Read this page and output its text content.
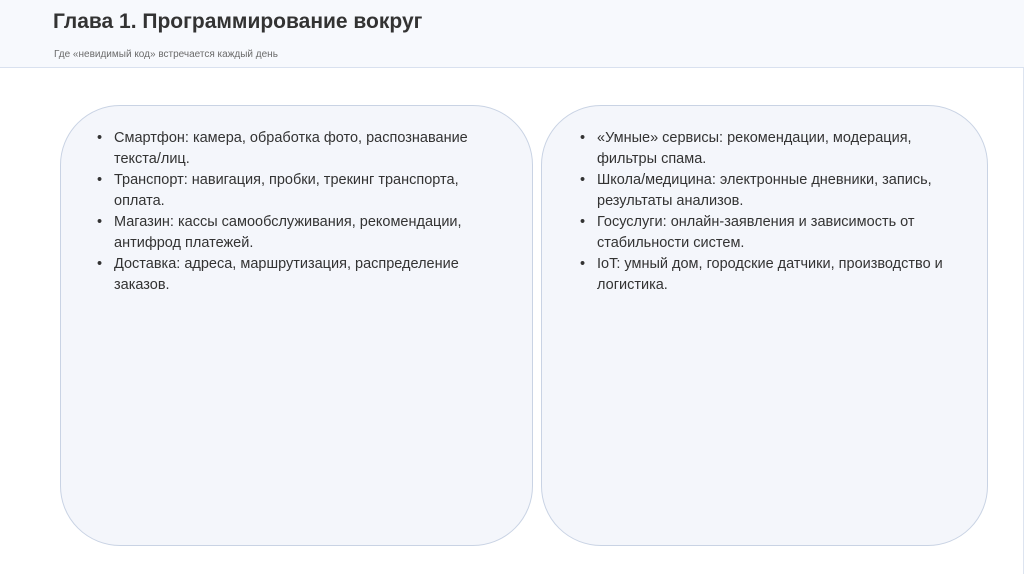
Глава 1. Программирование вокруг
Где «невидимый код» встречается каждый день
• Смартфон: камера, обработка фото, распознавание текста/лиц.
• Транспорт: навигация, пробки, трекинг транспорта, оплата.
• Магазин: кассы самообслуживания, рекомендации, антифрод платежей.
• Доставка: адреса, маршрутизация, распределение заказов.
• «Умные» сервисы: рекомендации, модерация, фильтры спама.
• Школа/медицина: электронные дневники, запись, результаты анализов.
• Госуслуги: онлайн-заявления и зависимость от стабильности систем.
• IoT: умный дом, городские датчики, производство и логистика.
